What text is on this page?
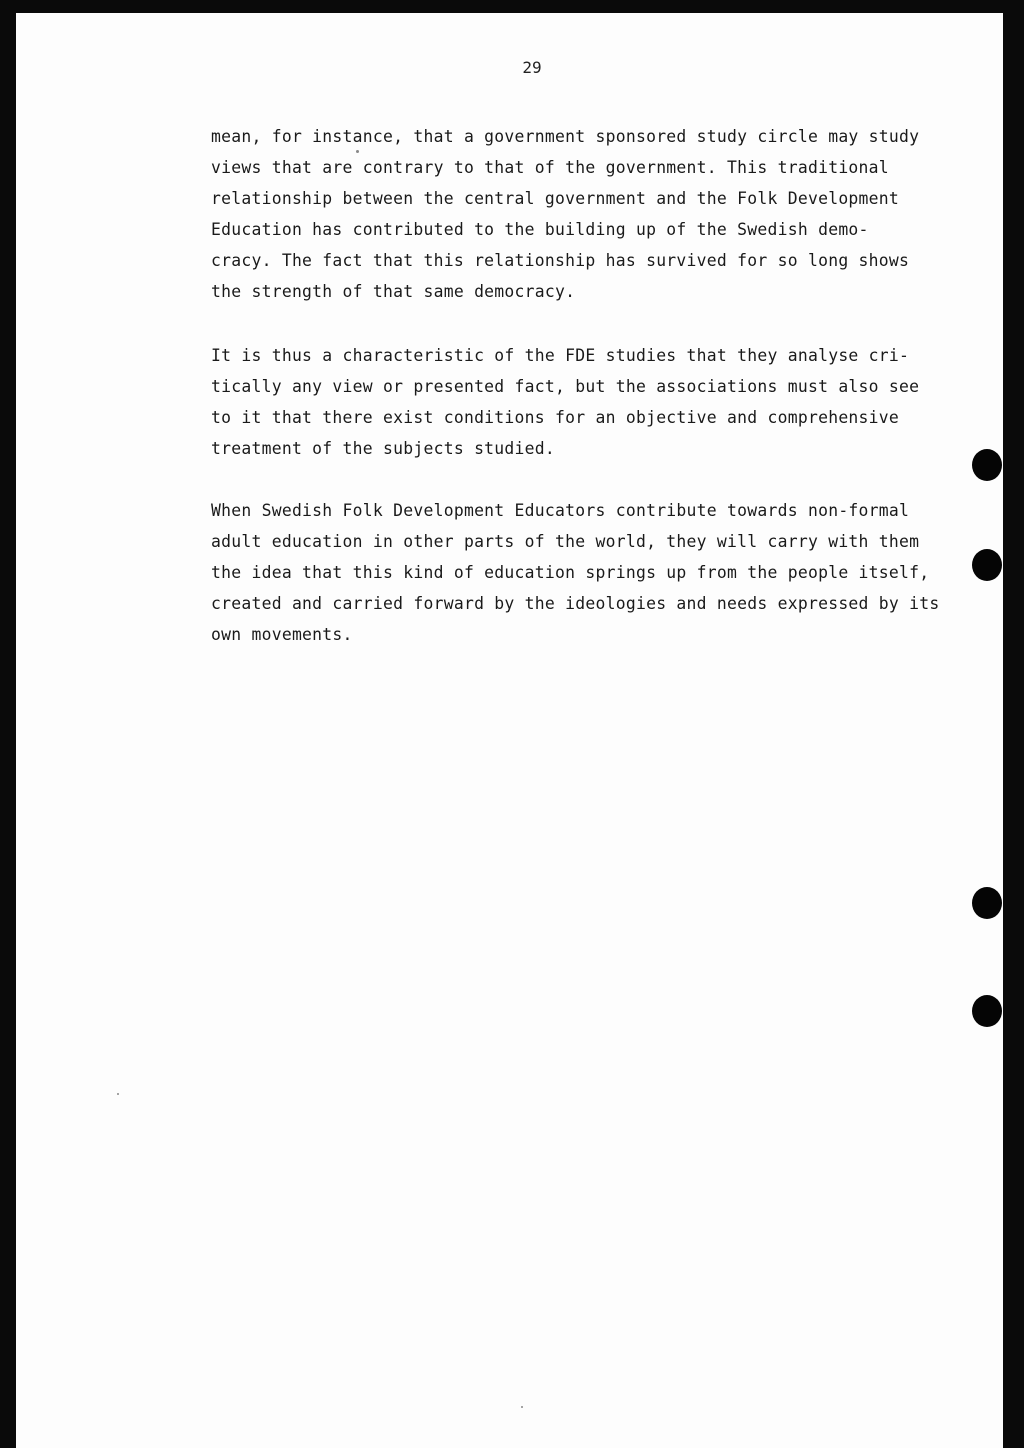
29
mean, for instance, that a government sponsored study circle may study
views that are contrary to that of the government. This traditional
relationship between the central government and the Folk Development
Education has contributed to the building up of the Swedish demo-
cracy. The fact that this relationship has survived for so long shows
the strength of that same democracy.
It is thus a characteristic of the FDE studies that they analyse cri-
tically any view or presented fact, but the associations must also see
to it that there exist conditions for an objective and comprehensive
treatment of the subjects studied.
When Swedish Folk Development Educators contribute towards non-formal
adult education in other parts of the world, they will carry with them
the idea that this kind of education springs up from the people itself,
created and carried forward by the ideologies and needs expressed by its
own movements.
